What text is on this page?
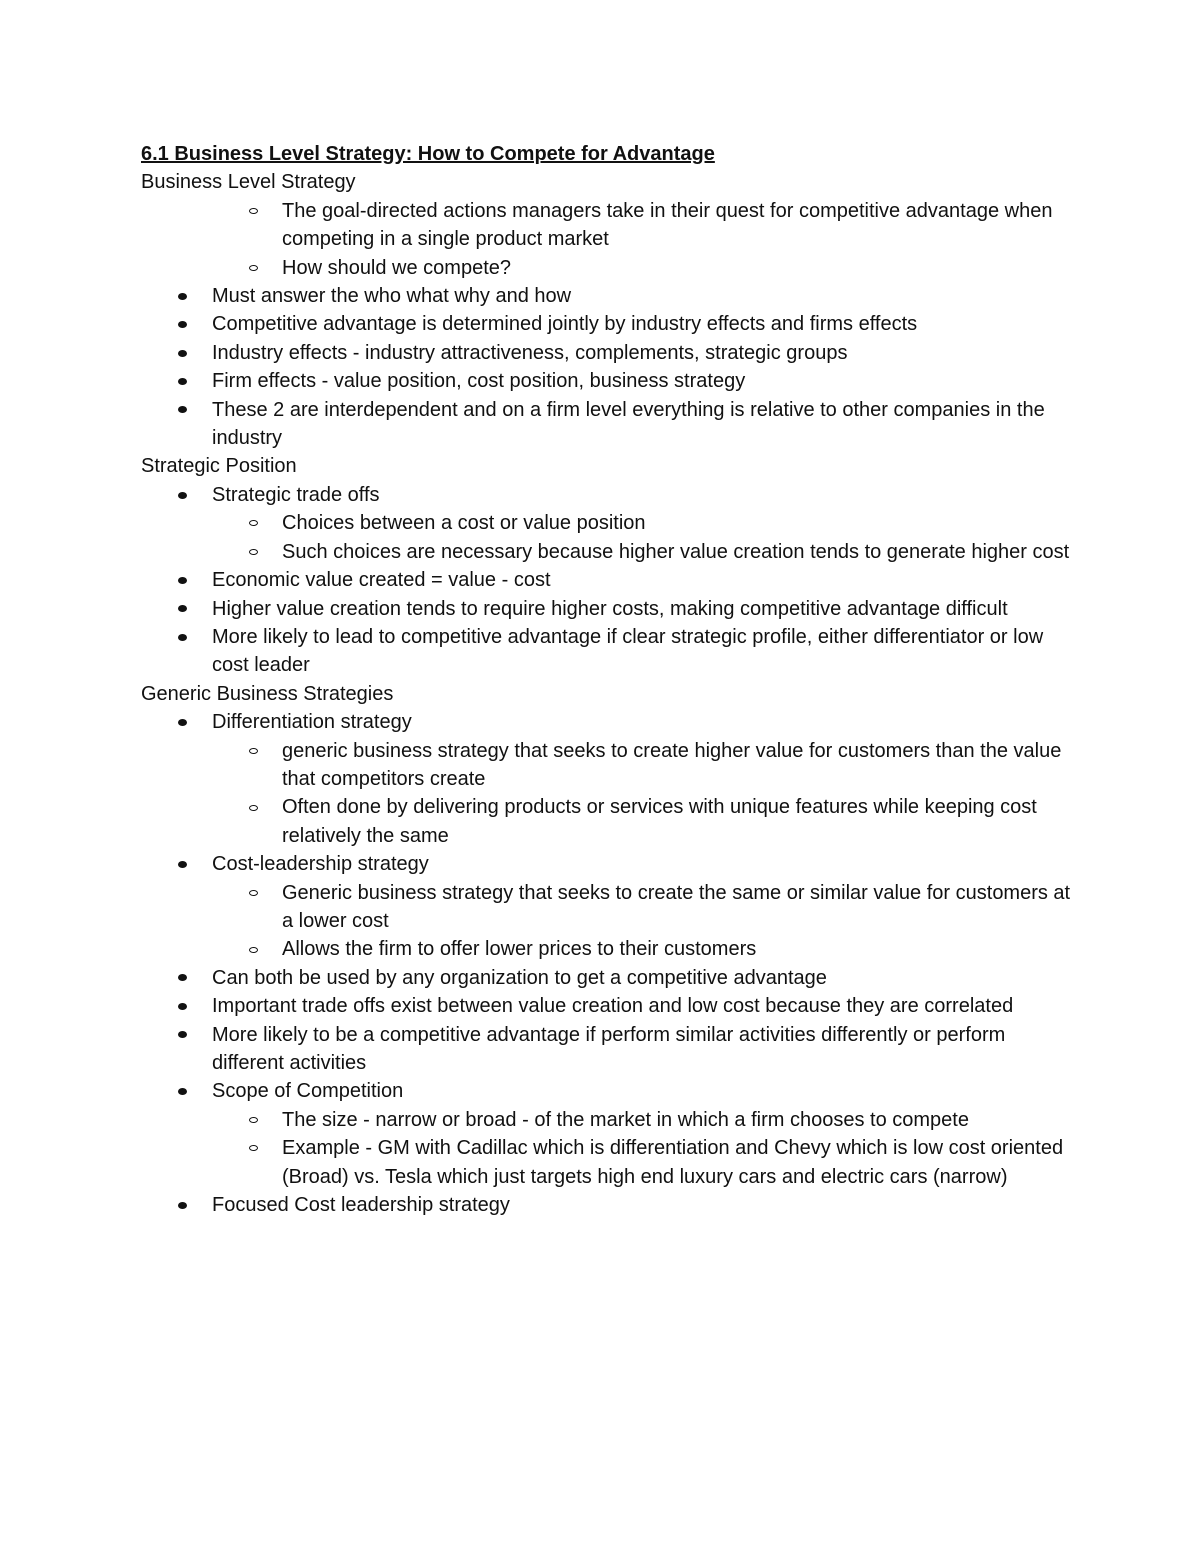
6.1 Business Level Strategy: How to Compete for Advantage
Business Level Strategy
The goal-directed actions managers take in their quest for competitive advantage when competing in a single product market
How should we compete?
Must answer the who what why and how
Competitive advantage is determined jointly by industry effects and firms effects
Industry effects - industry attractiveness, complements, strategic groups
Firm effects - value position, cost position, business strategy
These 2 are interdependent and on a firm level everything is relative to other companies in the industry
Strategic Position
Strategic trade offs
Choices between a cost or value position
Such choices are necessary because higher value creation tends to generate higher cost
Economic value created = value - cost
Higher value creation tends to require higher costs, making competitive advantage difficult
More likely to lead to competitive advantage if clear strategic profile, either differentiator or low cost leader
Generic Business Strategies
Differentiation strategy
generic business strategy that seeks to create higher value for customers than the value that competitors create
Often done by delivering products or services with unique features while keeping cost relatively the same
Cost-leadership strategy
Generic business strategy that seeks to create the same or similar value for customers at a lower cost
Allows the firm to offer lower prices to their customers
Can both be used by any organization to get a competitive advantage
Important trade offs exist between value creation and low cost because they are correlated
More likely to be a competitive advantage if perform similar activities differently or perform different activities
Scope of Competition
The size - narrow or broad - of the market in which a firm chooses to compete
Example - GM with Cadillac which is differentiation and Chevy which is low cost oriented (Broad) vs. Tesla which just targets high end luxury cars and electric cars (narrow)
Focused Cost leadership strategy
